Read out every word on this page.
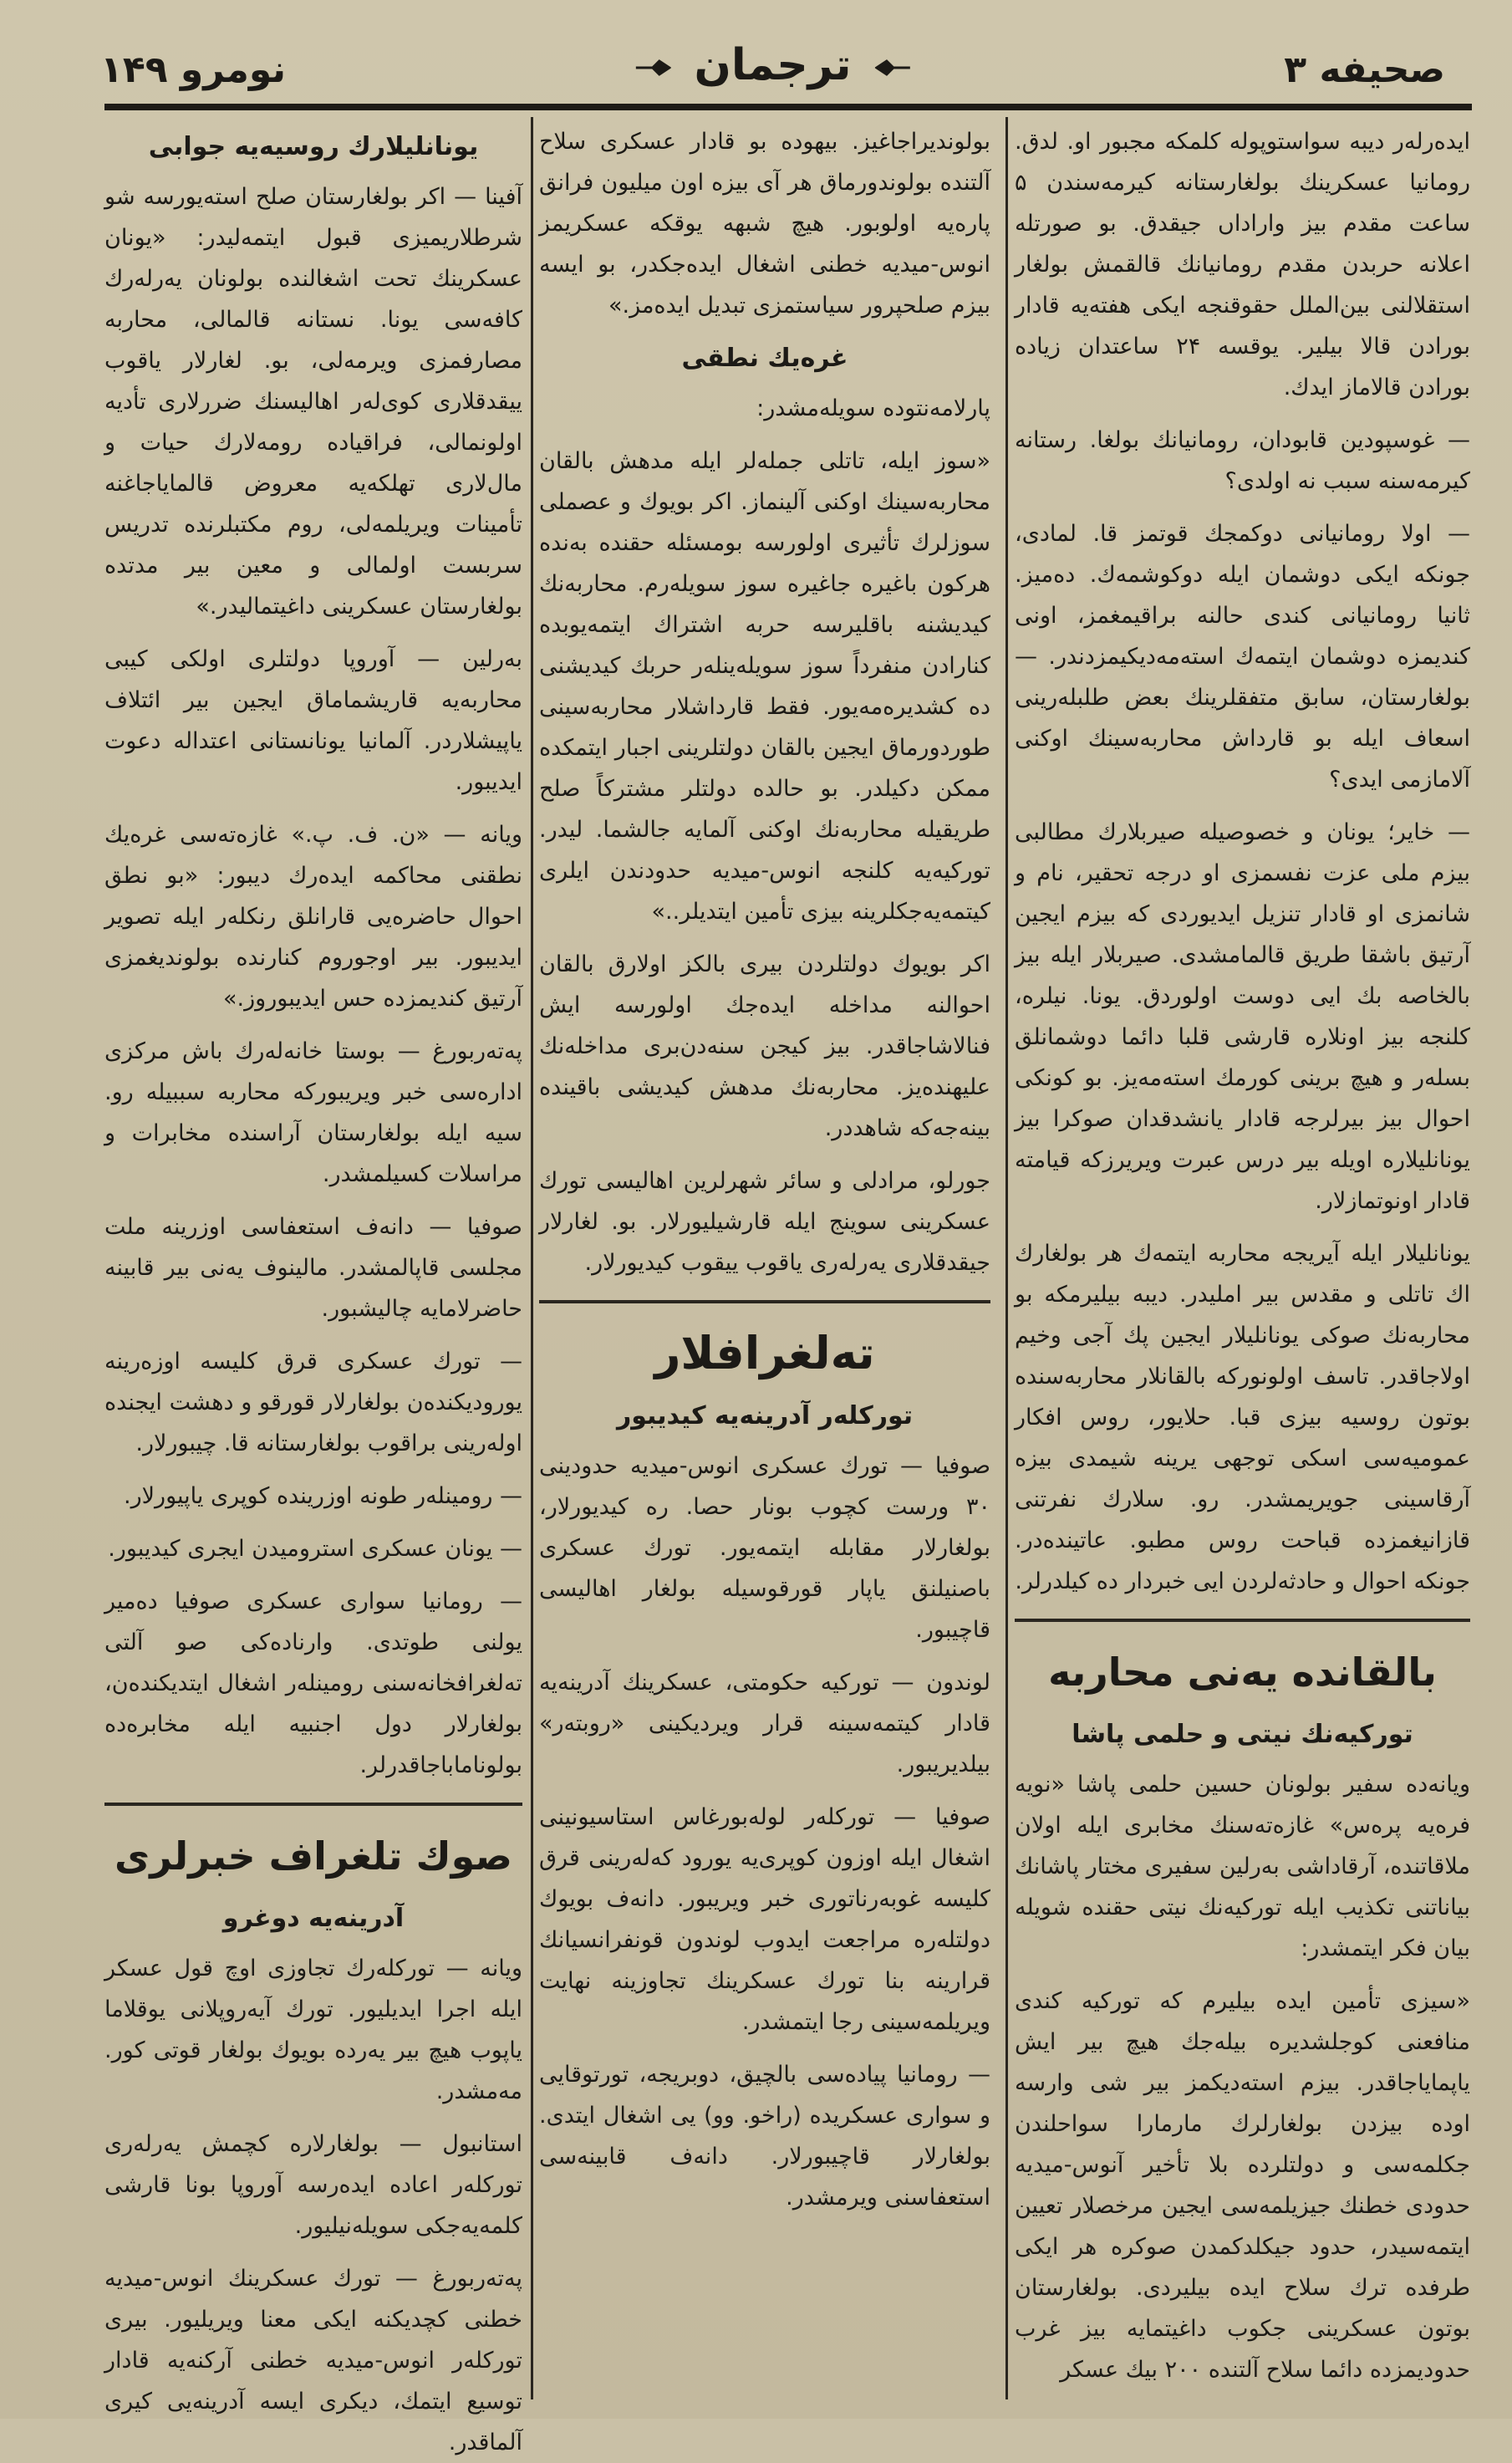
صحیفه ۳
ترجمان
نومرو ۱۴۹

ایدەرلەر دیبه سواستوپوله کلمکه مجبور او. لدق. رومانیا عسکرینك بولغارستانه کیرمەسندن ۵ ساعت مقدم بیز واراداں جیقدق. بو صورتله اعلانه حربدن مقدم رومانیانك قالقمش بولغار استقلالنی بین‌الملل حقوقنجه ایکی هفته‌یه قادار بورادن قالا بیلیر. یوقسه ۲۴ ساعتدان زیاده بورادن قالاماز ایدك.

— غوسپودین قابودان، رومانیانك بولغا. رستانه کیرمەسنه سبب نه اولدی؟

— اولا رومانیانی دوکمجك قوتمز قا. لمادی، جونکه ایکی دوشمان ایله دوکوشمەك. دەمیز. ثانیا رومانیانی کندی حالنه براقیمغمز، اونی کندیمزه دوشمان ایتمەك استەمەدیکیمزدندر. — بولغارستان، سابق متفقلرینك بعض طلبلەرینی اسعاف ایله بو قارداش محاربەسینك اوکنی آلامازمی ایدی؟

— خایر؛ یونان و خصوصیله صیربلارك مطالبی بیزم ملی عزت نفسمزی او درجه تحقیر، نام و شانمزی او قادار تنزیل ایدیوردی که بیزم ایجین آرتیق باشقا طریق قالمامشدی. صیربلار ایله بیز بالخاصه بك ایی دوست اولوردق. یونا. نیلرە، کلنجه بیز اونلاره قارشی قلبا دائما دوشمانلق بسلەر و هیچ برینی کورمك استەمەیز. بو کونکی احوال بیز بیرلرجه قادار یانشدقدان صوکرا بیز یونانلیلاره اویله بیر درس عبرت ویریرزکه قیامته قادار اونوتمازلار.

یونانلیلار ایله آیریجه محاربه ایتمەك هر بولغارك اك تاتلی و مقدس بیر املیدر. دیبه بیلیرمکه بو محاربەنك صوکی یونانلیلار ایجین پك آجی وخیم اولاجاقدر. تاسف اولونورکه بالقانلار محاربەسنده بوتون روسیه بیزی قبا. حلایور، روس افکار عمومیەسی اسکی توجهی یرینه شیمدی بیزه آرقاسینی جویریمشدر. رو. سلارك نفرتنی قازانیغمزده قباحت روس مطبو. عاتیندەدر. جونکه احوال و حادثەلردن ایی خبردار ده کیلدرلر.

بالقانده یەنی محاربه
تورکیەنك نیتی و حلمی پاشا

ویانەده سفیر بولونان حسین حلمی پاشا «نویه فرەیه پرەس» غازەتەسنك مخابری ایله اولان ملاقاتنده، آرقاداشی بەرلین سفیری مختار پاشانك بیاناتنی تکذیب ایله تورکیەنك نیتی حقنده شویله بیان فکر ایتمشدر:

«سیزی تأمین ایدە بیلیرم که تورکیه کندی منافعنی کوجلشدیره بیلەجك هیچ بیر ایش یاپمایاجاقدر. بیزم استەدیکمز بیر شی وارسه اوده بیزدن بولغارلرك مارمارا سواحلندن جکلمه‌سی و دولتلرده بلا تأخیر آنوس-میدیه حدودی خطنك جیزیلمه‌سی ایجین مرخصلار تعیین ایتمەسیدر، حدود جیکلدکمدن صوکره هر ایکی طرفده ترك سلاح ایده بیلیردی. بولغارستان بوتون عسکرینی جکوب داغیتمایه بیز غرب حدودیمزده دائما سلاح آلتنده ۲۰۰ بیك عسکر

بولوندیراجاغیز. بیهوده بو قادار عسکری سلاح آلتنده بولوندورماق هر آی بیزه اون میلیون فرانق پاره‌یه اولوبور. هیچ شبهه یوقکه عسکریمز انوس-میدیه خطنی اشغال ایده‌جکدر، بو ایسه بیزم صلحپرور سیاستمزی تبدیل ایده‌مز.»

غرەیك نطقی

پارلامەنتوده سویلەمشدر:

«سوز ایله، تاتلی جمله‌لر ایله مدهش بالقان محاربه‌سینك اوکنی آلینماز. اکر بویوك و عصملی سوزلرك تأثیری اولورسه بومسئله حقنده بەنده هرکون باغیره جاغیره سوز سویله‌رم. محاربه‌نك کیدیشنه باقلیرسه حربه اشتراك ایتمه‌یوبده کنارادن منفرداً سوز سویله‌ینلەر حربك کیدیشنی ده کشدیره‌مه‌یور. فقط قارداشلار محاربه‌سینی طوردورماق ایجین بالقان دولتلرینی اجبار ایتمکده ممکن دکیلدر. بو حالده دولتلر مشترکاً صلح طریقیله محاربه‌نك اوکنی آلمایه جالشما. لیدر. تورکیه‌یه کلنجه انوس-میدیه حدودندن ایلری کیتمه‌یه‌جکلرینه بیزی تأمین ایتدیلر..»

اکر بویوك دولتلردن بیری بالکز اولارق بالقان احوالنه مداخله ایده‌جك اولورسه ایش فنالاشاجاقدر. بیز کیجن سنه‌دن‌بری مداخله‌نك علیهنده‌یز. محاربه‌نك مدهش کیدیشی باقینده بینه‌جه‌که شاهددر.

جورلو، مرادلی و سائر شهرلرین اهالیسی تورك عسکرینی سوینج ایله قارشیلیورلار. بو. لغارلار جیقدقلاری یه‌رلەری یاقوب ییقوب کیدیورلار.

تەلغرافلار
تورکلەر آدرینه‌یه کیدیبور

صوفیا — تورك عسکری انوس-میدیه حدودینی ۳۰ ورست کچوب بونار حصا. ره کیدیورلار، بولغارلار مقابله ایتمه‌یور. تورك عسکری باصنیلنق یاپار قورقوسیله بولغار اهالیسی قاچیبور.

لوندون — تورکیه حکومتی، عسکرینك آدرینه‌یه قادار کیتمه‌سینه قرار ویردیکینی «روبتەر» بیلدیریبور.

صوفیا — تورکلەر لوله‌بورغاس استاسیونینی اشغال ایله اوزون کوپری‌یه یورود کەلەرینی قرق کلیسه غوبەرناتوری خبر ویریبور. دانەف بویوك دولتلەره مراجعت ایدوب لوندون قونفرانسیانك قرارینه بنا تورك عسکرینك تجاوزینه نهایت ویریلمه‌سینی رجا ایتمشدر.

— رومانیا پیاده‌سی بالچیق، دوبریجه، تورتوقایی و سواری عسکریده (راخو. وو) یی اشغال ایتدی. بولغارلار قاچیبورلار. دانەف قابینه‌سی استعفاسنی ویرمشدر.

یونانلیلارك روسیه‌یه جوابی

آفینا — اکر بولغارستان صلح استه‌یورسه شو شرطلاریمیزی قبول ایتمه‌لیدر: «یونان عسکرینك تحت اشغالنده بولونان یه‌رلەرك کافه‌سی یونا. نستانه قالمالی، محاربه مصارفمزی ویرمه‌لی، بو. لغارلار یاقوب ییقدقلاری کوی‌لەر اهالیسنك ضررلاری تأدیه اولونمالی، فراقیاده رومه‌لارك حیات و مال‌لاری تهلکه‌یه معروض قالمایاجاغنه تأمینات ویریلمه‌لی، روم مکتبلرنده تدریس سربست اولمالی و معین بیر مدتده بولغارستان عسکرینی داغیتمالیدر.»

بەرلین — آوروپا دولتلری اولکی کیبی محاربه‌یه قاریشماماق ایجین بیر ائتلاف یاپیشلاردر. آلمانیا یونانستانی اعتداله دعوت ایدیبور.

ویانه — «ن. ف. پ.» غازەتەسی غرەیك نطقنی محاکمه ایده‌رك دیبور: «بو نطق احوال حاضره‌یی قارانلق رنکلەر ایله تصویر ایدیبور. بیر اوجوروم کنارنده بولوندیغمزی آرتیق کندیمزده حس ایدیبوروز.»

پەتەربورغ — بوستا خانه‌لەرك باش مرکزی ادارە‌سی خبر ویریبورکه محاربه سببیله رو. سیه ایله بولغارستان آراسنده مخابرات و مراسلات کسیلمشدر.

صوفیا — دانەف استعفاسی اوزرینه ملت مجلسی قاپالمشدر. مالینوف یەنی بیر قابینه حاضرلامایه چالیشبور.

— تورك عسکری قرق کلیسه اوزه‌رینه یورودیکندەن بولغارلار قورقو و دهشت ایجنده اولەرینی براقوب بولغارستانه قا. چیبورلار.

— رومینلەر طونه اوزرینده کوپری یاپیورلار.

— یونان عسکری استرومیدن ایجری کیدیبور.

— رومانیا سواری عسکری صوفیا دەمیر یولنی طوتدی. وارنادەکی صو آلتی تەلغرافخانه‌سنی رومینلەر اشغال ایتدیکندەن، بولغارلار دول اجنبیه ایله مخابره‌ده بولوناماباجاقدرلر.

صوك تلغراف خبرلری
آدرینه‌یه دوغرو

ویانه — تورکلەرك تجاوزی اوچ قول عسکر ایله اجرا ایدیلیور. تورك آیەروپلانی یوقلاما یاپوب هیچ بیر یەرده بویوك بولغار قوتی کور. مه‌مشدر.

استانبول — بولغارلارە کچمش یه‌رلەری تورکلەر اعاده ایدەرسه آوروپا بونا قارشی کلمه‌یه‌جکی سویلەنیلیور.

پەتەربورغ — تورك عسکرینك انوس-میدیه خطنی کچدیکنه ایکی معنا ویریلیور. بیری تورکلەر انوس-میدیه خطنی آرکنه‌یه قادار توسیع ایتمك، دیکری ایسه آدرینه‌یی کیری آلماقدر.
